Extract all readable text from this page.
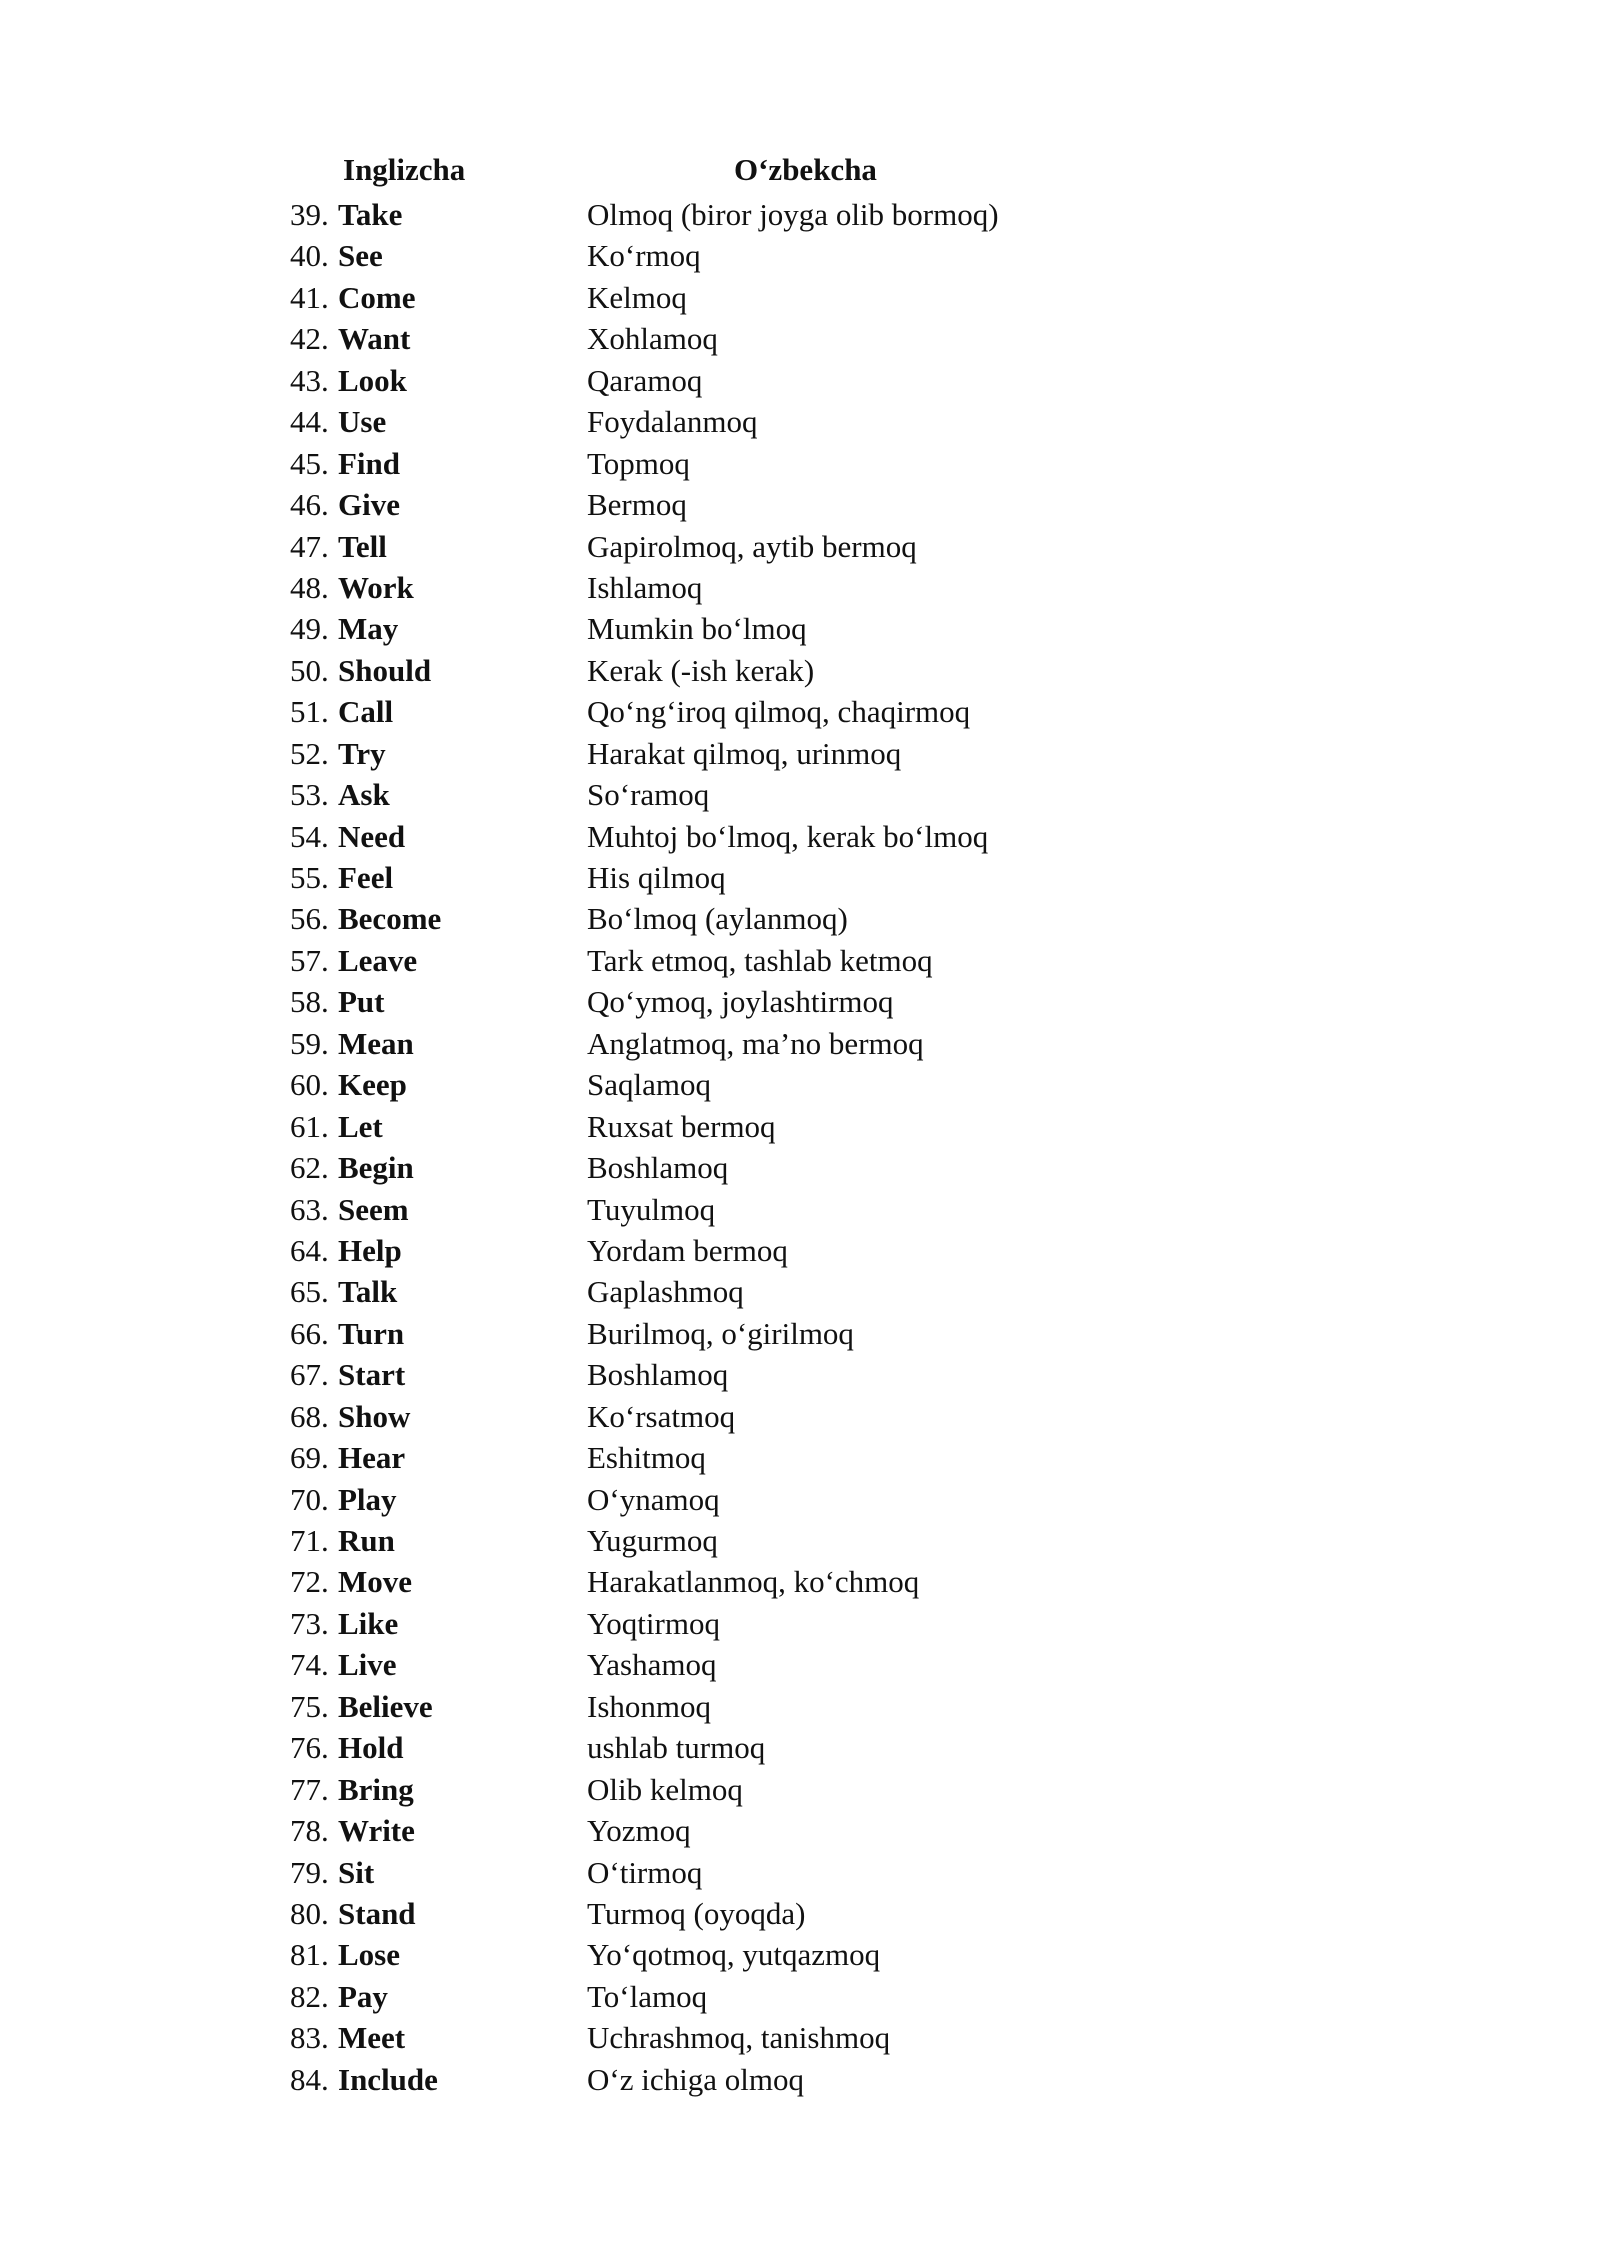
Inglizcha	O‘zbekcha
39. Take	Olmoq (biror joyga olib bormoq)
40. See	Ko‘rmoq
41. Come	Kelmoq
42. Want	Xohlamoq
43. Look	Qaramoq
44. Use	Foydalanmoq
45. Find	Topmoq
46. Give	Bermoq
47. Tell	Gapirolmoq, aytib bermoq
48. Work	Ishlamoq
49. May	Mumkin bo‘lmoq
50. Should	Kerak (-ish kerak)
51. Call	Qo‘ng‘iroq qilmoq, chaqirmoq
52. Try	Harakat qilmoq, urinmoq
53. Ask	So‘ramoq
54. Need	Muhtoj bo‘lmoq, kerak bo‘lmoq
55. Feel	His qilmoq
56. Become	Bo‘lmoq (aylanmoq)
57. Leave	Tark etmoq, tashlab ketmoq
58. Put	Qo‘ymoq, joylashtirmoq
59. Mean	Anglatmoq, ma’no bermoq
60. Keep	Saqlamoq
61. Let	Ruxsat bermoq
62. Begin	Boshlamoq
63. Seem	Tuyulmoq
64. Help	Yordam bermoq
65. Talk	Gaplashmoq
66. Turn	Burilmoq, o‘girilmoq
67. Start	Boshlamoq
68. Show	Ko‘rsatmoq
69. Hear	Eshitmoq
70. Play	O‘ynamoq
71. Run	Yugurmoq
72. Move	Harakatlanmoq, ko‘chmoq
73. Like	Yoqtirmoq
74. Live	Yashamoq
75. Believe	Ishonmoq
76. Hold	ushlab turmoq
77. Bring	Olib kelmoq
78. Write	Yozmoq
79. Sit	O‘tirmoq
80. Stand	Turmoq (oyoqda)
81. Lose	Yo‘qotmoq, yutqazmoq
82. Pay	To‘lamoq
83. Meet	Uchrashmoq, tanishmoq
84. Include	O‘z ichiga olmoq
